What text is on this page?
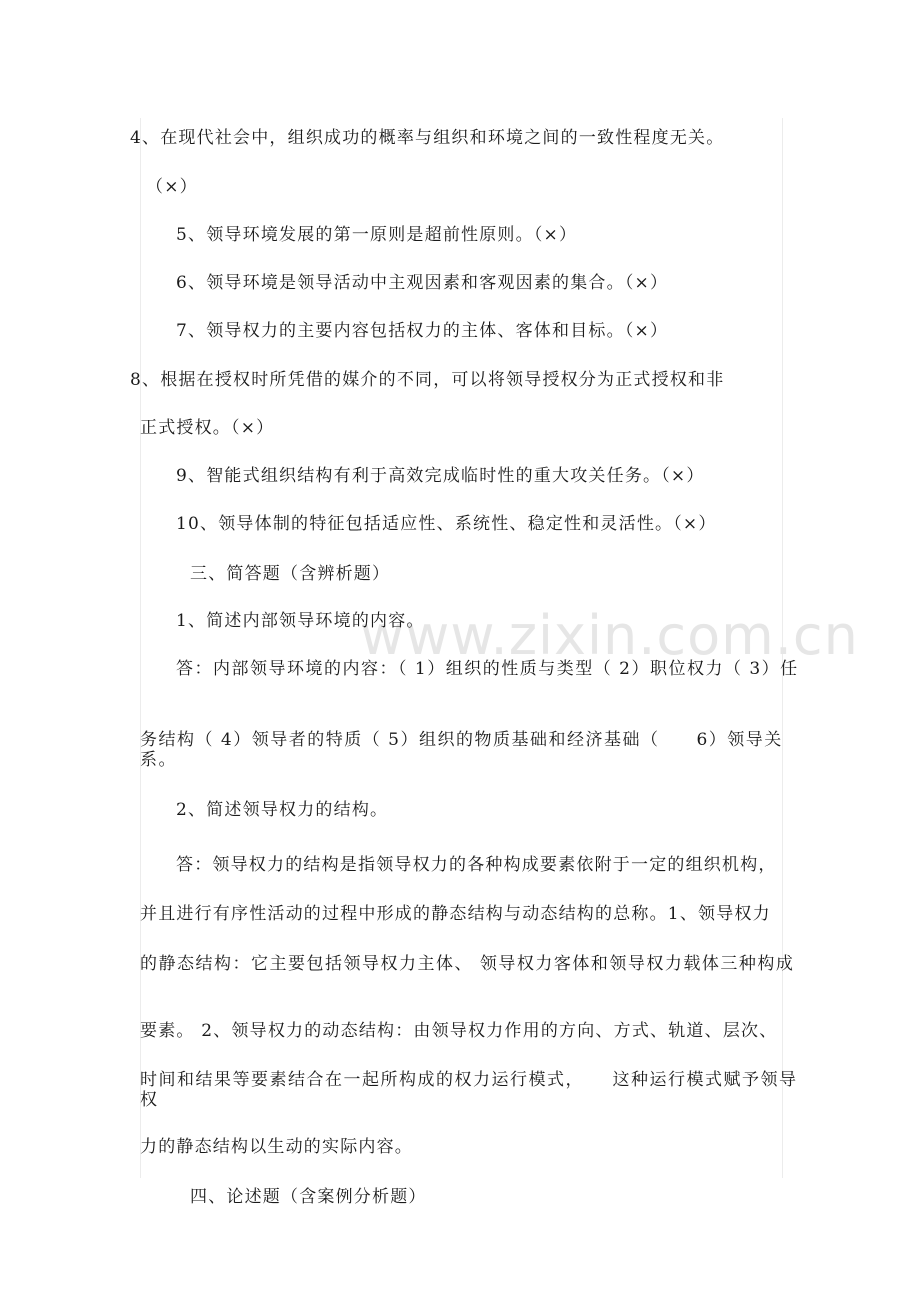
www.zixin.com.cn
4、在现代社会中，组织成功的概率与组织和环境之间的一致性程度无关。
（×）
5、领导环境发展的第一原则是超前性原则。（×）
6、领导环境是领导活动中主观因素和客观因素的集合。（×）
7、领导权力的主要内容包括权力的主体、客体和目标。（×）
8、根据在授权时所凭借的媒介的不同，可以将领导授权分为正式授权和非
正式授权。（×）
9、智能式组织结构有利于高效完成临时性的重大攻关任务。（×）
10、领导体制的特征包括适应性、系统性、稳定性和灵活性。（×）
三、简答题（含辨析题）
1、简述内部领导环境的内容。
答：内部领导环境的内容：（ 1）组织的性质与类型（ 2）职位权力（ 3）任
务结构（ 4）领导者的特质（ 5）组织的物质基础和经济基础（　　6）领导关系。
2、简述领导权力的结构。
答：领导权力的结构是指领导权力的各种构成要素依附于一定的组织机构，
并且进行有序性活动的过程中形成的静态结构与动态结构的总称。1、领导权力
的静态结构：它主要包括领导权力主体、 领导权力客体和领导权力载体三种构成
要素。 2、领导权力的动态结构：由领导权力作用的方向、方式、轨道、层次、
时间和结果等要素结合在一起所构成的权力运行模式，　　这种运行模式赋予领导权
力的静态结构以生动的实际内容。
四、论述题（含案例分析题）
